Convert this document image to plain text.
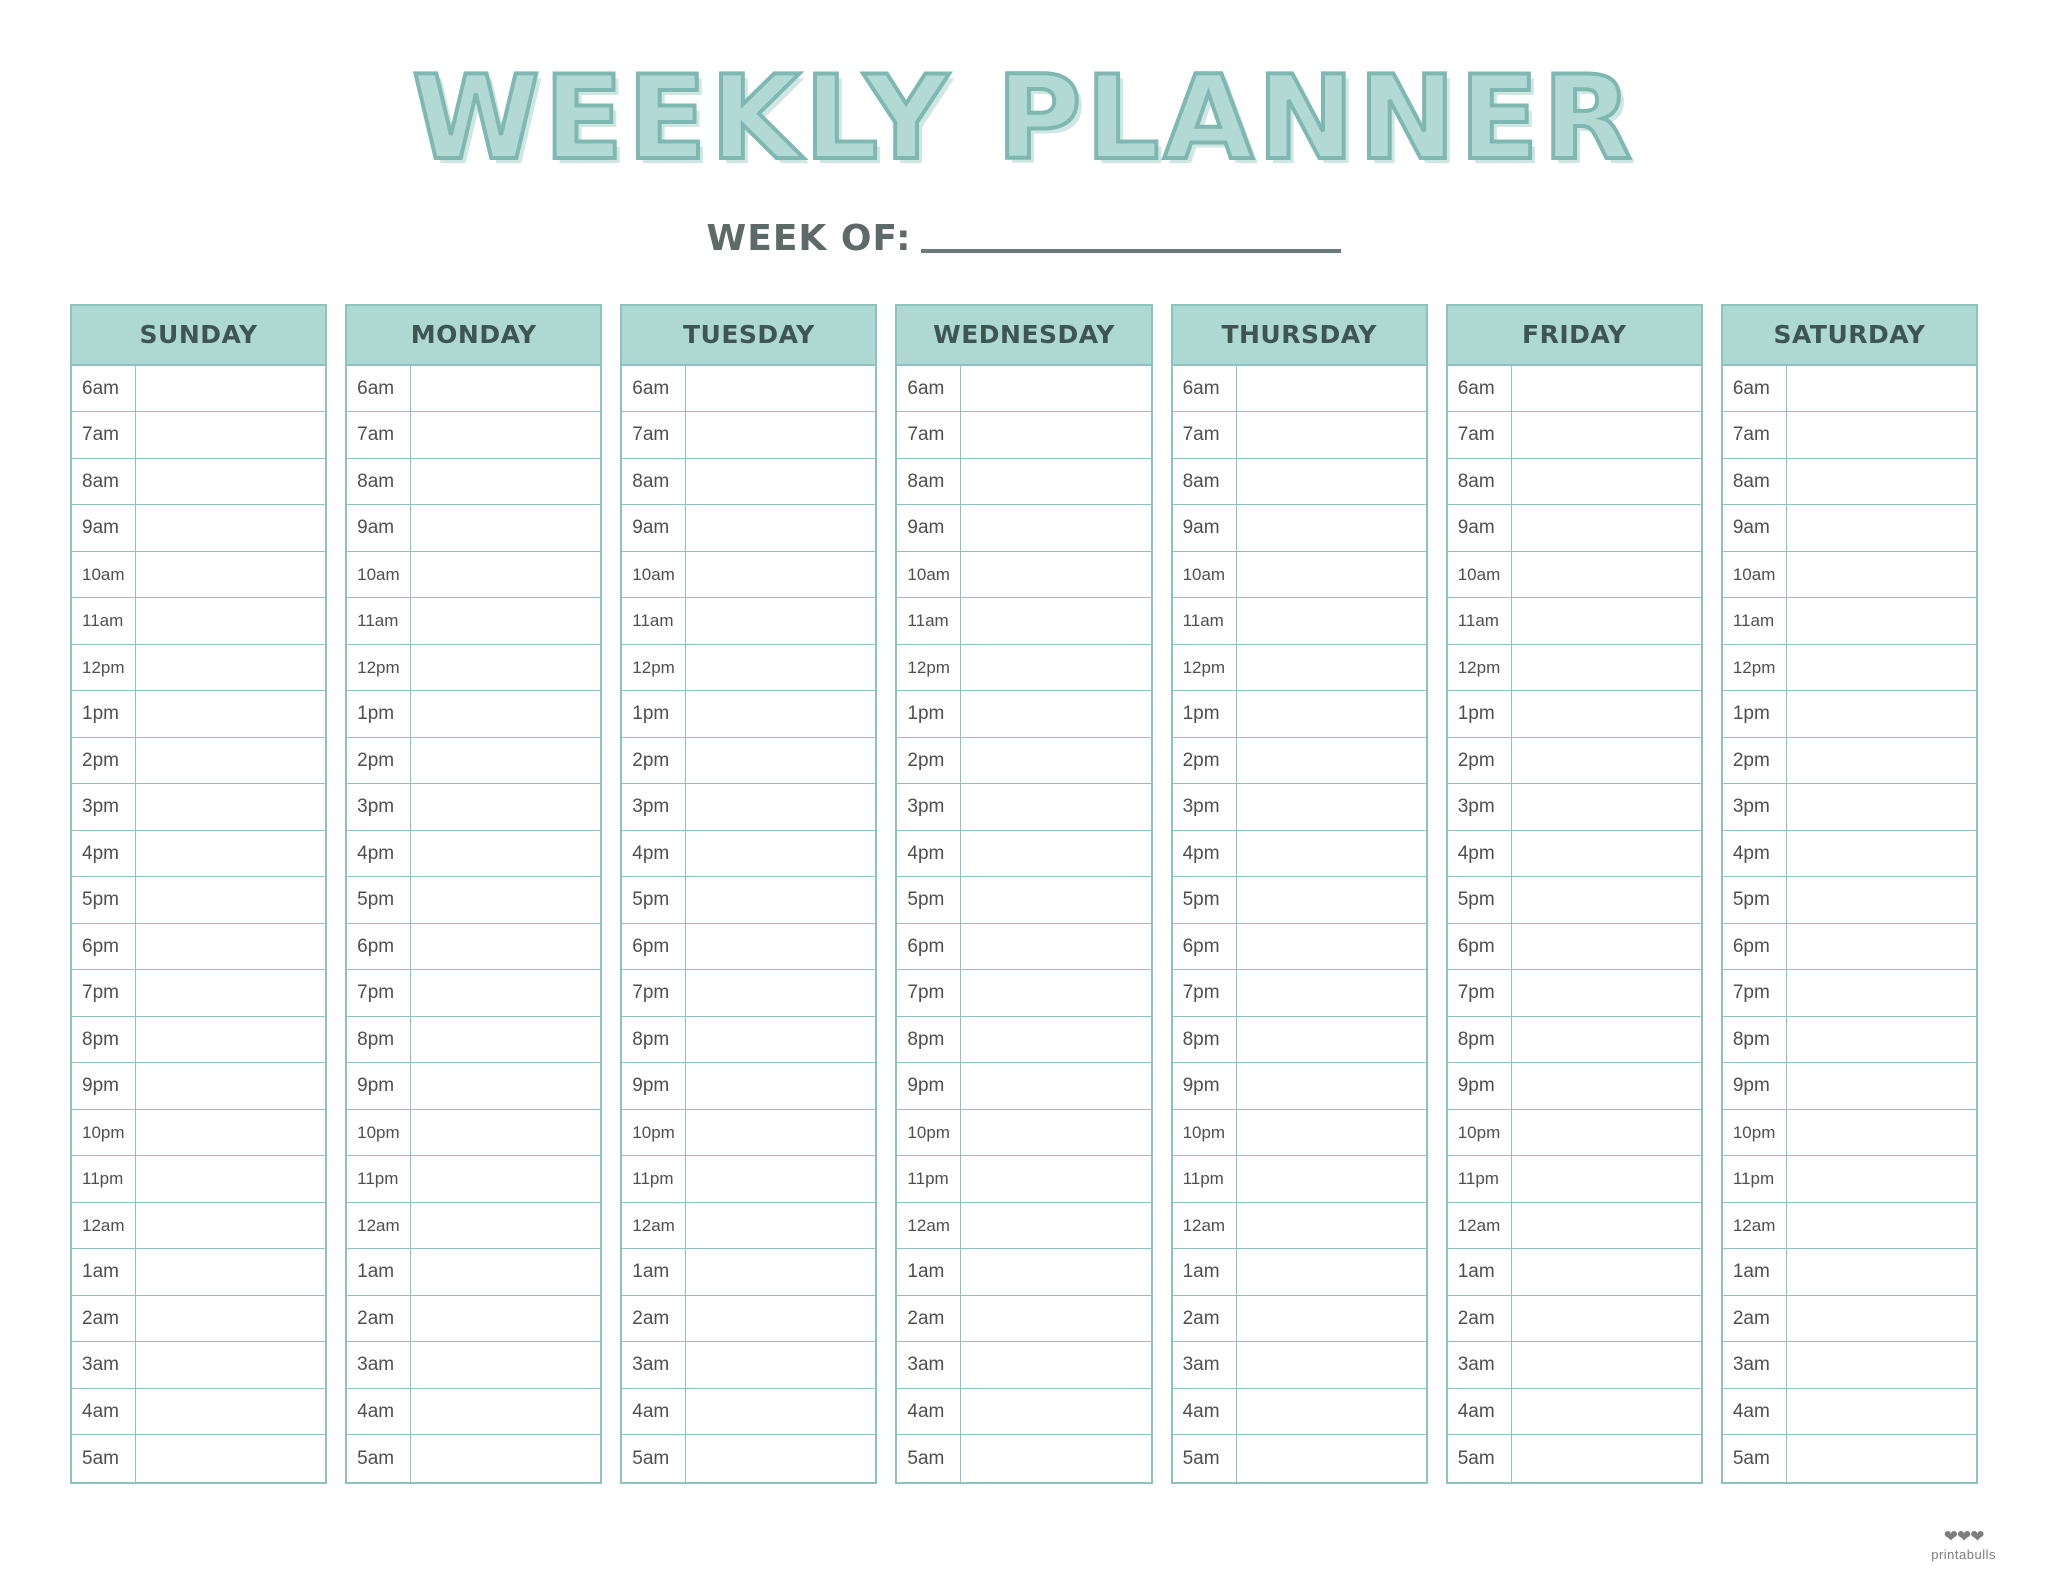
WEEKLY PLANNER
WEEK OF:
SUNDAY
6am
7am
8am
9am
10am
11am
12pm
1pm
2pm
3pm
4pm
5pm
6pm
7pm
8pm
9pm
10pm
11pm
12am
1am
2am
3am
4am
5am
MONDAY
6am
7am
8am
9am
10am
11am
12pm
1pm
2pm
3pm
4pm
5pm
6pm
7pm
8pm
9pm
10pm
11pm
12am
1am
2am
3am
4am
5am
TUESDAY
6am
7am
8am
9am
10am
11am
12pm
1pm
2pm
3pm
4pm
5pm
6pm
7pm
8pm
9pm
10pm
11pm
12am
1am
2am
3am
4am
5am
WEDNESDAY
6am
7am
8am
9am
10am
11am
12pm
1pm
2pm
3pm
4pm
5pm
6pm
7pm
8pm
9pm
10pm
11pm
12am
1am
2am
3am
4am
5am
THURSDAY
6am
7am
8am
9am
10am
11am
12pm
1pm
2pm
3pm
4pm
5pm
6pm
7pm
8pm
9pm
10pm
11pm
12am
1am
2am
3am
4am
5am
FRIDAY
6am
7am
8am
9am
10am
11am
12pm
1pm
2pm
3pm
4pm
5pm
6pm
7pm
8pm
9pm
10pm
11pm
12am
1am
2am
3am
4am
5am
SATURDAY
6am
7am
8am
9am
10am
11am
12pm
1pm
2pm
3pm
4pm
5pm
6pm
7pm
8pm
9pm
10pm
11pm
12am
1am
2am
3am
4am
5am
❤❤❤
printabulls
